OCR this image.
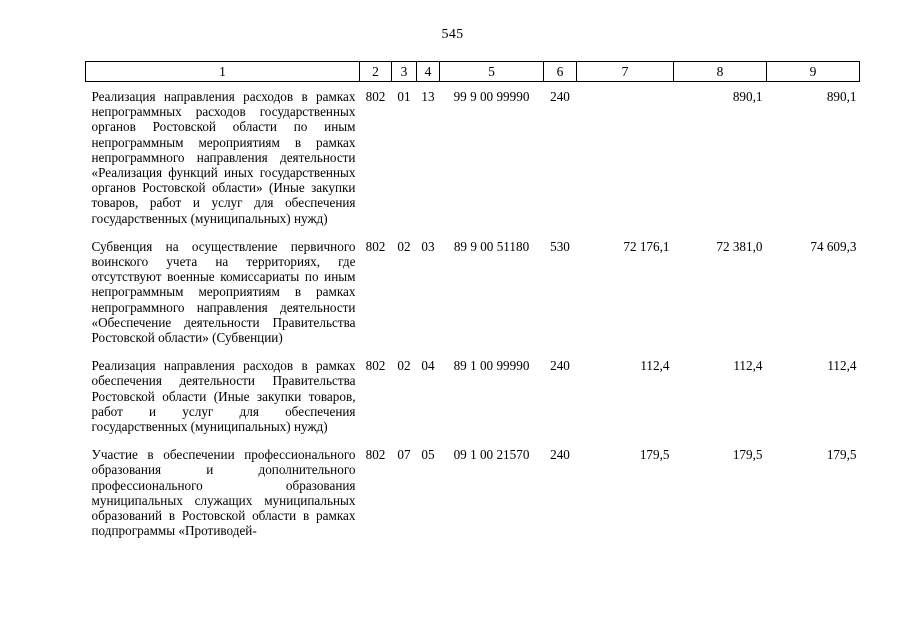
545
1	2	3	4	5	6	7	8	9
Реализация направления расходов в рамках непрограммных расходов государственных органов Ростовской области по иным непрограммным мероприятиям в рамках непрограммного направления деятельности «Реализация функций иных государственных органов Ростовской области» (Иные закупки товаров, работ и услуг для обеспечения государственных (муниципальных) нужд)	802	01	13	99 9 00 99990	240		890,1	890,1
Субвенция на осуществление первичного воинского учета на территориях, где отсутствуют военные комиссариаты по иным непрограммным мероприятиям в рамках непрограммного направления деятельности «Обеспечение деятельности Правительства Ростовской области» (Субвенции)	802	02	03	89 9 00 51180	530	72 176,1	72 381,0	74 609,3
Реализация направления расходов в рамках обеспечения деятельности Правительства Ростовской области (Иные закупки товаров, работ и услуг для обеспечения государственных (муниципальных) нужд)	802	02	04	89 1 00 99990	240	112,4	112,4	112,4
Участие в обеспечении профессионального образования и дополнительного профессионального образования муниципальных служащих муниципальных образований в Ростовской области в рамках подпрограммы «Противодей-	802	07	05	09 1 00 21570	240	179,5	179,5	179,5
